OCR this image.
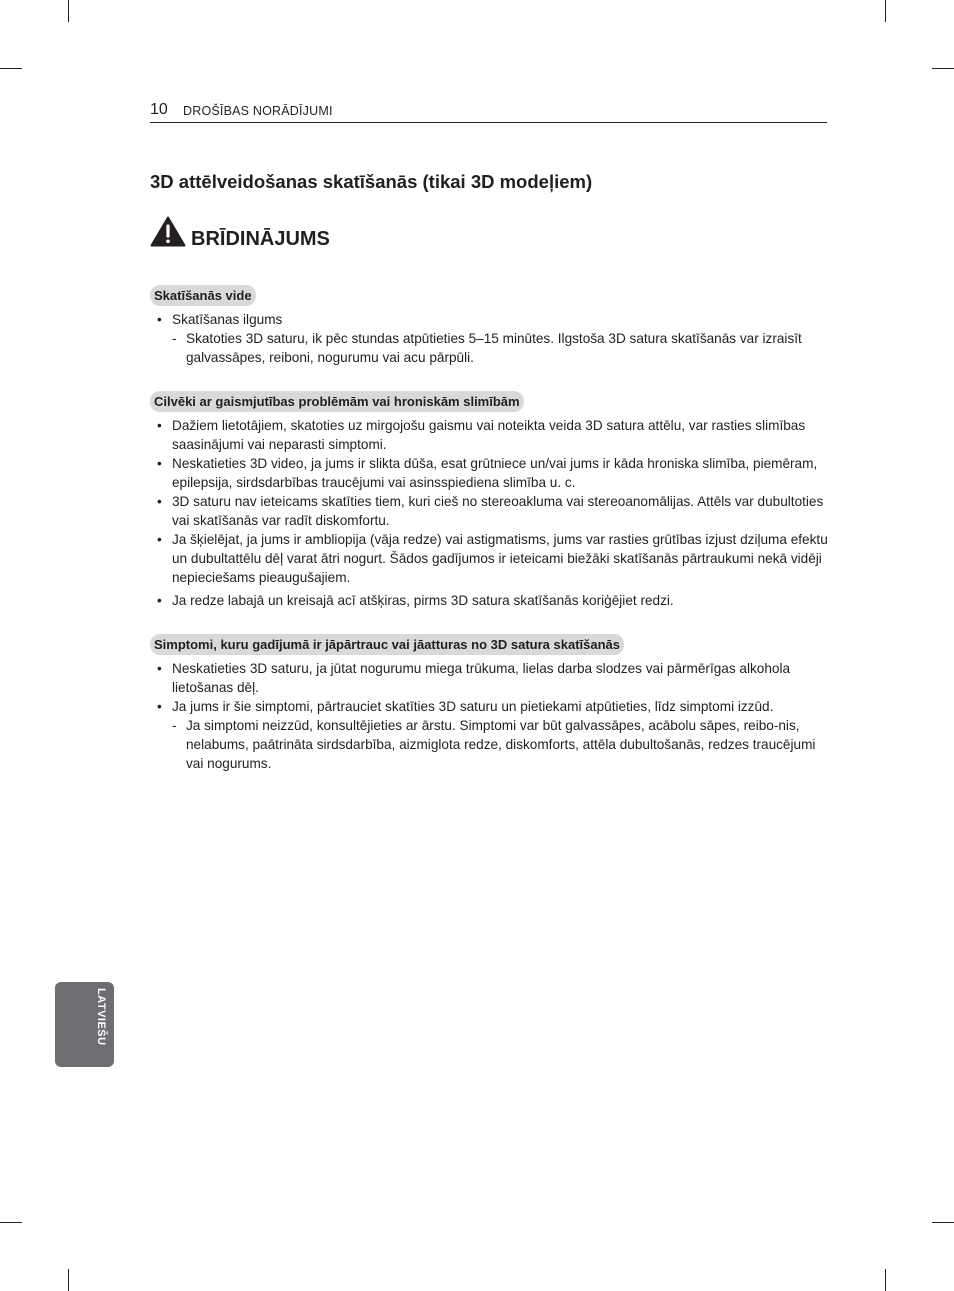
10 DROŠĪBAS NORĀDĪJUMI
3D attēlveidošanas skatīšanās (tikai 3D modeļiem)
BRĪDINĀJUMS
Skatīšanās vide
• Skatīšanas ilgums
- Skatoties 3D saturu, ik pēc stundas atpūtieties 5–15 minūtes. Ilgstoša 3D satura skatīšanās var izraisīt galvassāpes, reiboni, nogurumu vai acu pārpūli.
Cilvēki ar gaismjutības problēmām vai hroniskām slimībām
• Dažiem lietotājiem, skatoties uz mirgojošu gaismu vai noteikta veida 3D satura attēlu, var rasties slimības saasinājumi vai neparasti simptomi.
• Neskatieties 3D video, ja jums ir slikta dūša, esat grūtniece un/vai jums ir kāda hroniska slimība, piemēram, epilepsija, sirdsdarbības traucējumi vai asinsspiediena slimība u. c.
• 3D saturu nav ieteicams skatīties tiem, kuri cieš no stereoakluma vai stereoanomālijas. Attēls var dubultoties vai skatīšanās var radīt diskomfortu.
• Ja šķielējat, ja jums ir ambliopija (vāja redze) vai astigmatisms, jums var rasties grūtības izjust dziļuma efektu un dubultattēlu dēļ varat ātri nogurt. Šādos gadījumos ir ieteicami biežāki skatīšanās pārtraukumi nekā vidēji nepieciešams pieaugušajiem.
• Ja redze labajā un kreisajā acī atšķiras, pirms 3D satura skatīšanās koriģējiet redzi.
Simptomi, kuru gadījumā ir jāpārtrauc vai jāatturas no 3D satura skatīšanās
• Neskatieties 3D saturu, ja jūtat nogurumu miega trūkuma, lielas darba slodzes vai pārmērīgas alkohola lietošanas dēļ.
• Ja jums ir šie simptomi, pārtrauciet skatīties 3D saturu un pietiekami atpūtieties, līdz simptomi izzūd.
- Ja simptomi neizzūd, konsultējieties ar ārstu. Simptomi var būt galvassāpes, acābolu sāpes, reibo-nis, nelabums, paātrināta sirdsdarbība, aizmiglota redze, diskomforts, attēla dubultošanās, redzes traucējumi vai nogurums.
LATVIEŠU
